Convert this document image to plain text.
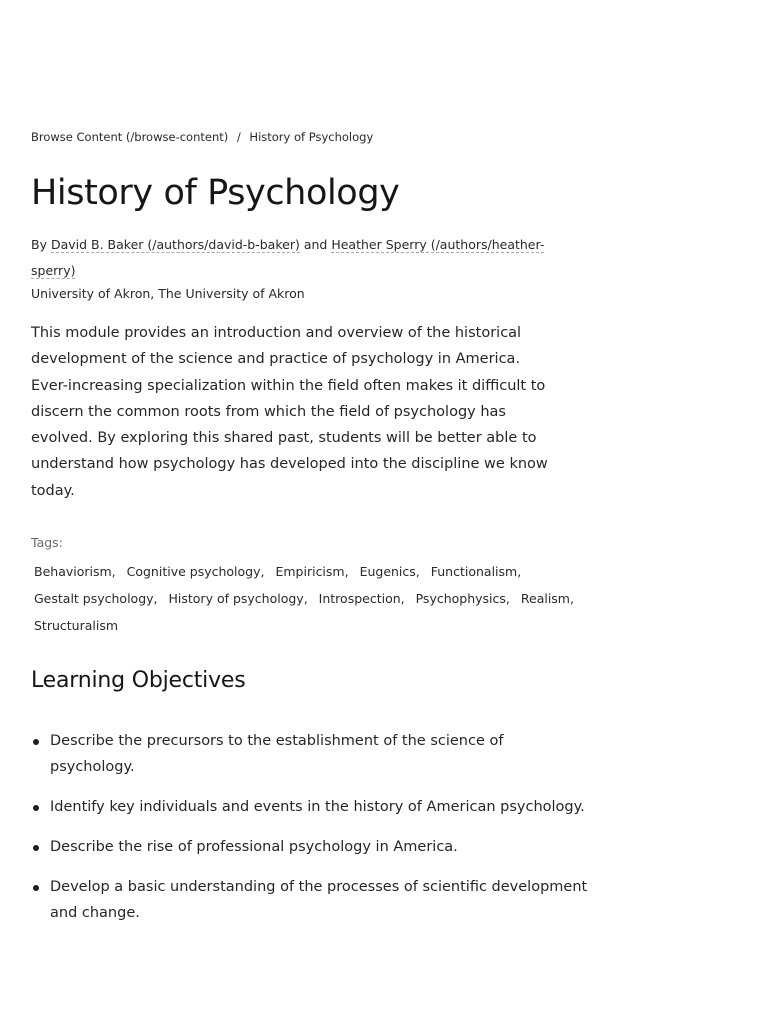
Browse Content (/browse-content) / History of Psychology
History of Psychology
By David B. Baker (/authors/david-b-baker) and Heather Sperry (/authors/heather-sperry)
University of Akron, The University of Akron

This module provides an introduction and overview of the historical development of the science and practice of psychology in America. Ever-increasing specialization within the field often makes it difficult to discern the common roots from which the field of psychology has evolved. By exploring this shared past, students will be better able to understand how psychology has developed into the discipline we know today.

Tags:
Behaviorism, Cognitive psychology, Empiricism, Eugenics, Functionalism, Gestalt psychology, History of psychology, Introspection, Psychophysics, Realism, Structuralism
Learning Objectives
Describe the precursors to the establishment of the science of psychology.
Identify key individuals and events in the history of American psychology.
Describe the rise of professional psychology in America.
Develop a basic understanding of the processes of scientific development and change.
